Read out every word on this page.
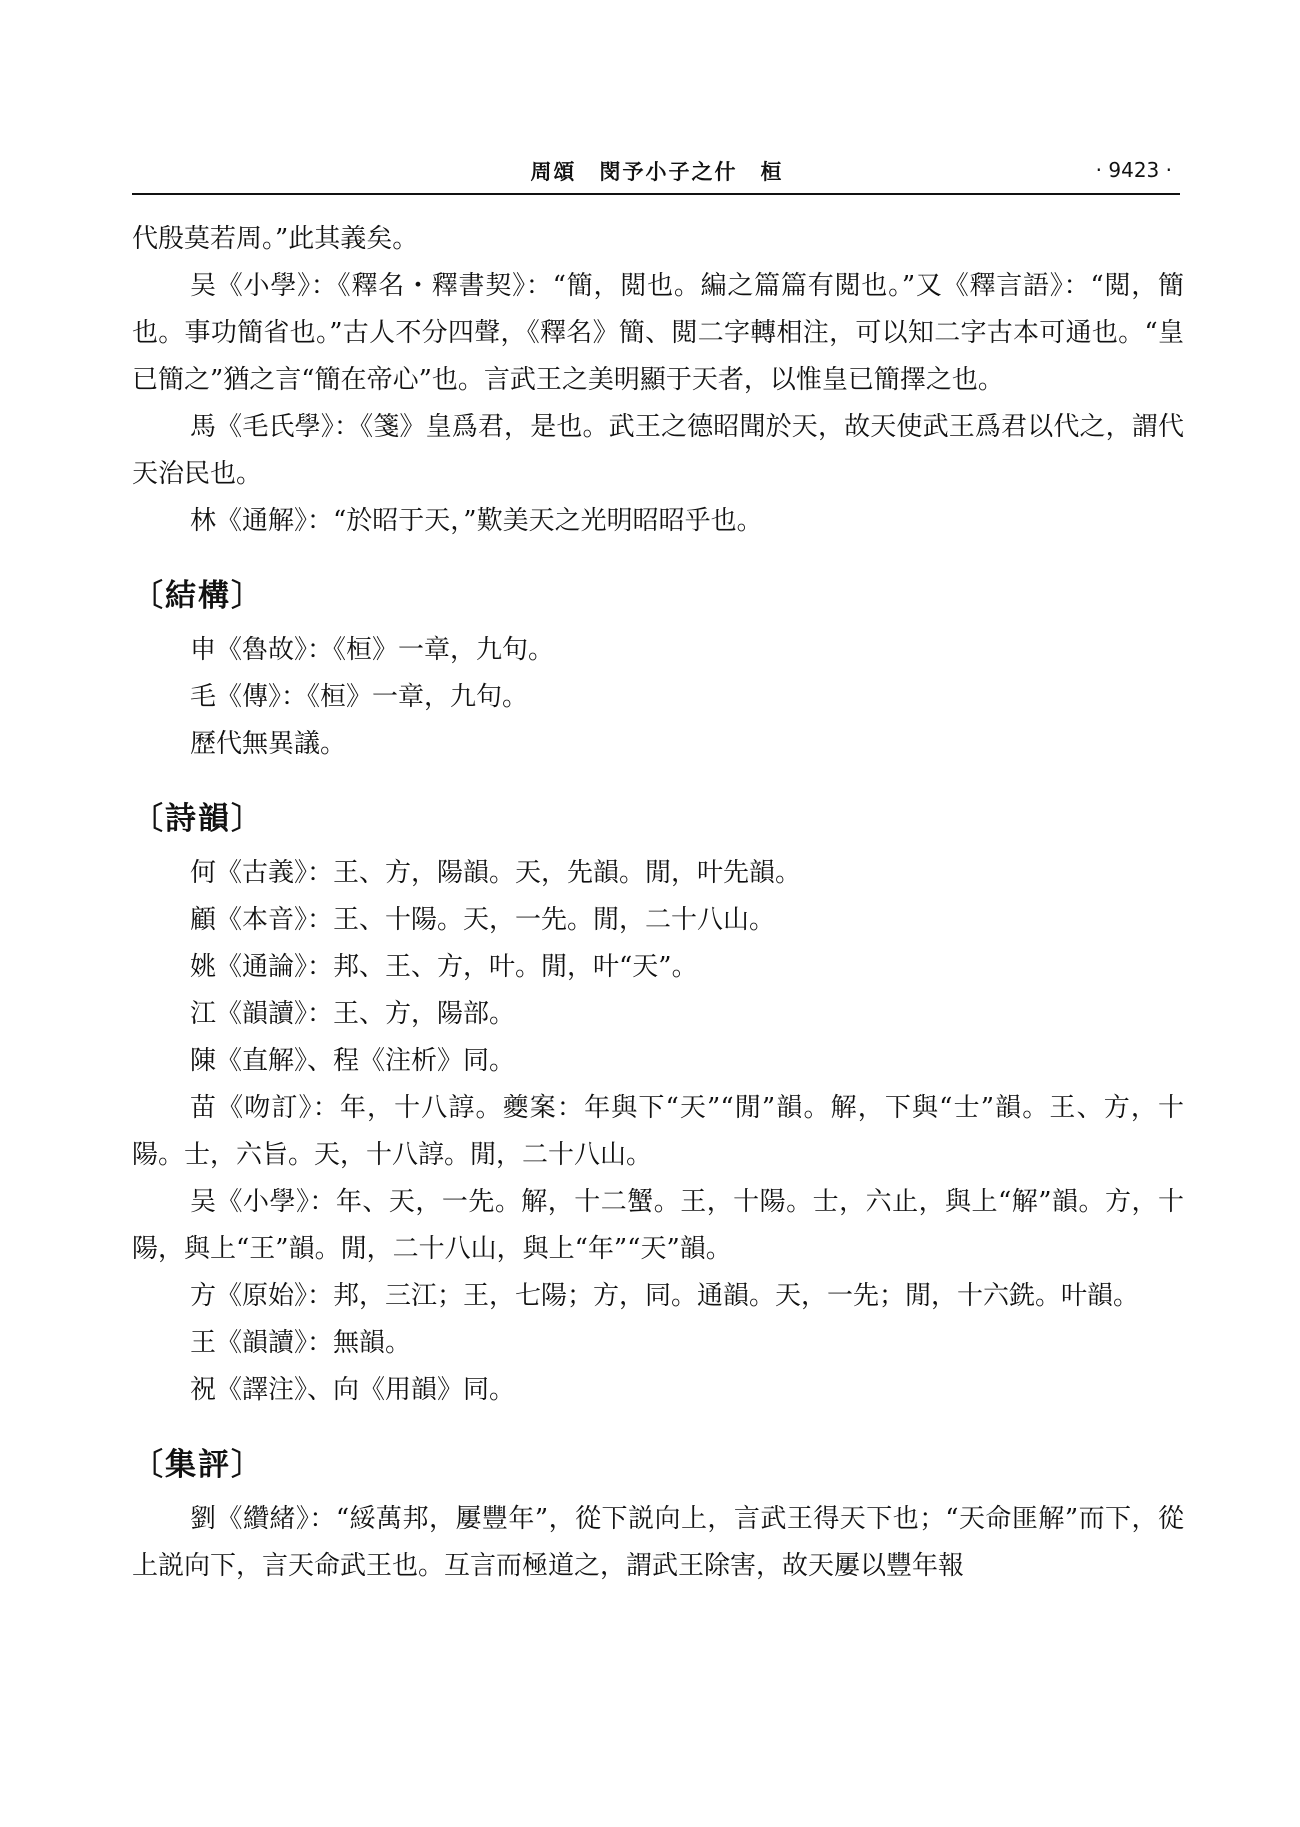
周頌　閔予小子之什　桓	· 9423 ·

代殷莫若周。”此其義矣。

吴《小學》：《釋名・釋書契》：“簡，閲也。編之篇篇有閲也。”又《釋言語》：“閲，簡也。事功簡省也。”古人不分四聲，《釋名》簡、閲二字轉相注，可以知二字古本可通也。“皇已簡之”猶之言“簡在帝心”也。言武王之美明顯于天者，以惟皇已簡擇之也。

馬《毛氏學》：《箋》皇爲君，是也。武王之德昭聞於天，故天使武王爲君以代之，謂代天治民也。

林《通解》：“於昭于天，”歎美天之光明昭昭乎也。

〔結構〕

申《魯故》：《桓》一章，九句。

毛《傳》：《桓》一章，九句。

歷代無異議。

〔詩韻〕

何《古義》：王、方，陽韻。天，先韻。閒，叶先韻。

顧《本音》：王、十陽。天，一先。閒，二十八山。

姚《通論》：邦、王、方，叶。閒，叶“天”。

江《韻讀》：王、方，陽部。

陳《直解》、程《注析》同。

苗《吻訂》：年，十八諄。夔案：年與下“天”“閒”韻。解，下與“士”韻。王、方，十陽。士，六旨。天，十八諄。閒，二十八山。

吴《小學》：年、天，一先。解，十二蟹。王，十陽。士，六止，與上“解”韻。方，十陽，與上“王”韻。閒，二十八山，與上“年”“天”韻。

方《原始》：邦，三江；王，七陽；方，同。通韻。天，一先；閒，十六銑。叶韻。

王《韻讀》：無韻。

祝《譯注》、向《用韻》同。

〔集評〕

劉《纘緒》：“綏萬邦，屢豐年”，從下説向上，言武王得天下也；“天命匪解”而下，從上説向下，言天命武王也。互言而極道之，謂武王除害，故天屢以豐年報
